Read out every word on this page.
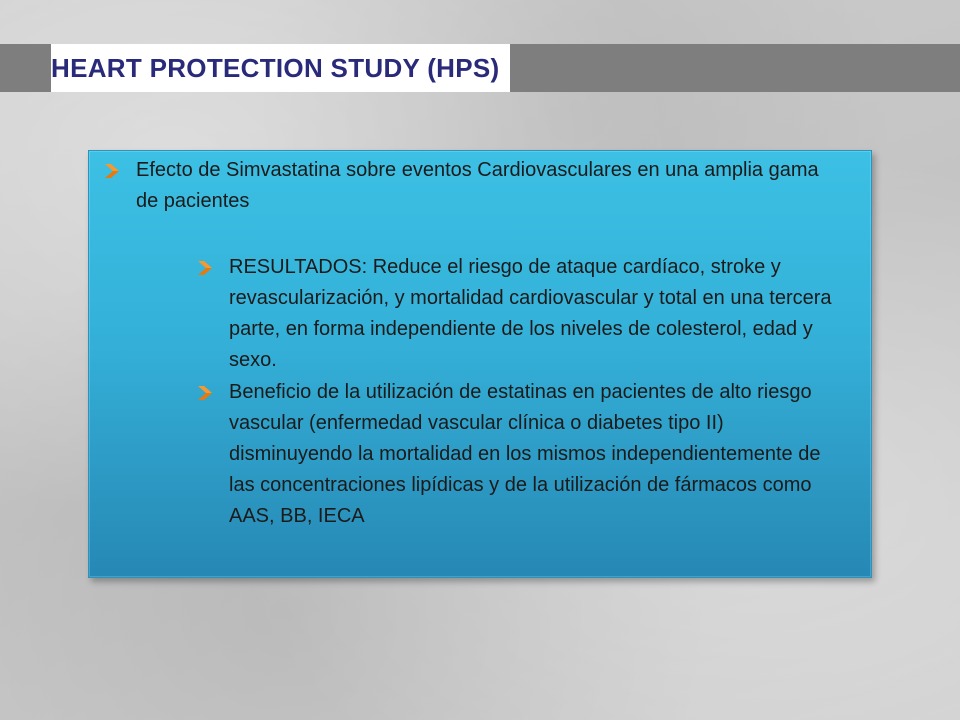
HEART PROTECTION STUDY (HPS)
Efecto de Simvastatina sobre eventos Cardiovasculares en una amplia gama de pacientes
RESULTADOS: Reduce el riesgo de ataque cardíaco, stroke y revascularización, y mortalidad cardiovascular y total en una tercera parte, en forma independiente de los niveles de colesterol, edad y sexo.
Beneficio de la utilización de estatinas en pacientes de alto riesgo vascular (enfermedad vascular clínica o diabetes tipo II) disminuyendo la mortalidad en los mismos independientemente de las concentraciones lipídicas y de la utilización de fármacos como AAS, BB, IECA
